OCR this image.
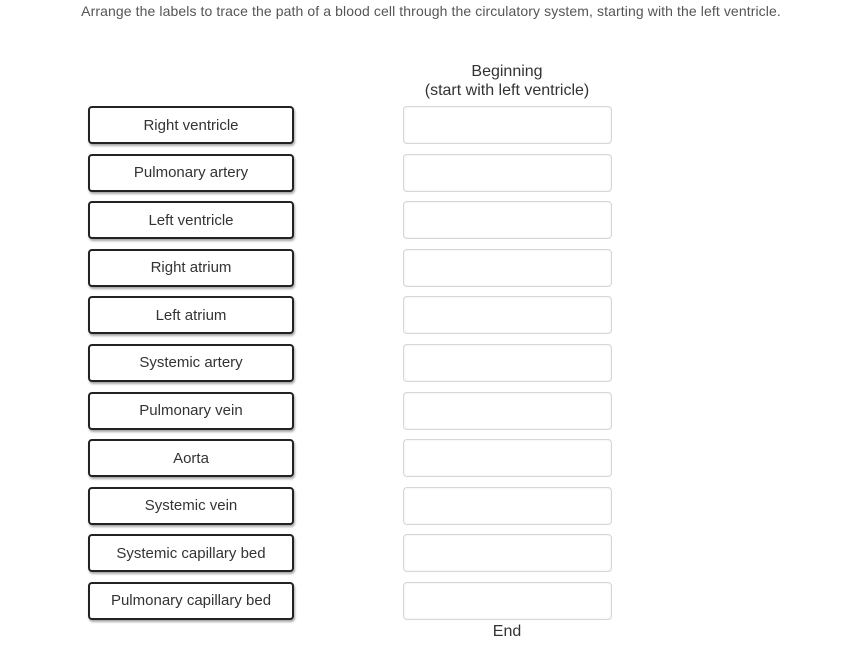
Arrange the labels to trace the path of a blood cell through the circulatory system, starting with the left ventricle.
Beginning
(start with left ventricle)
Right ventricle
Pulmonary artery
Left ventricle
Right atrium
Left atrium
Systemic artery
Pulmonary vein
Aorta
Systemic vein
Systemic capillary bed
Pulmonary capillary bed
End
